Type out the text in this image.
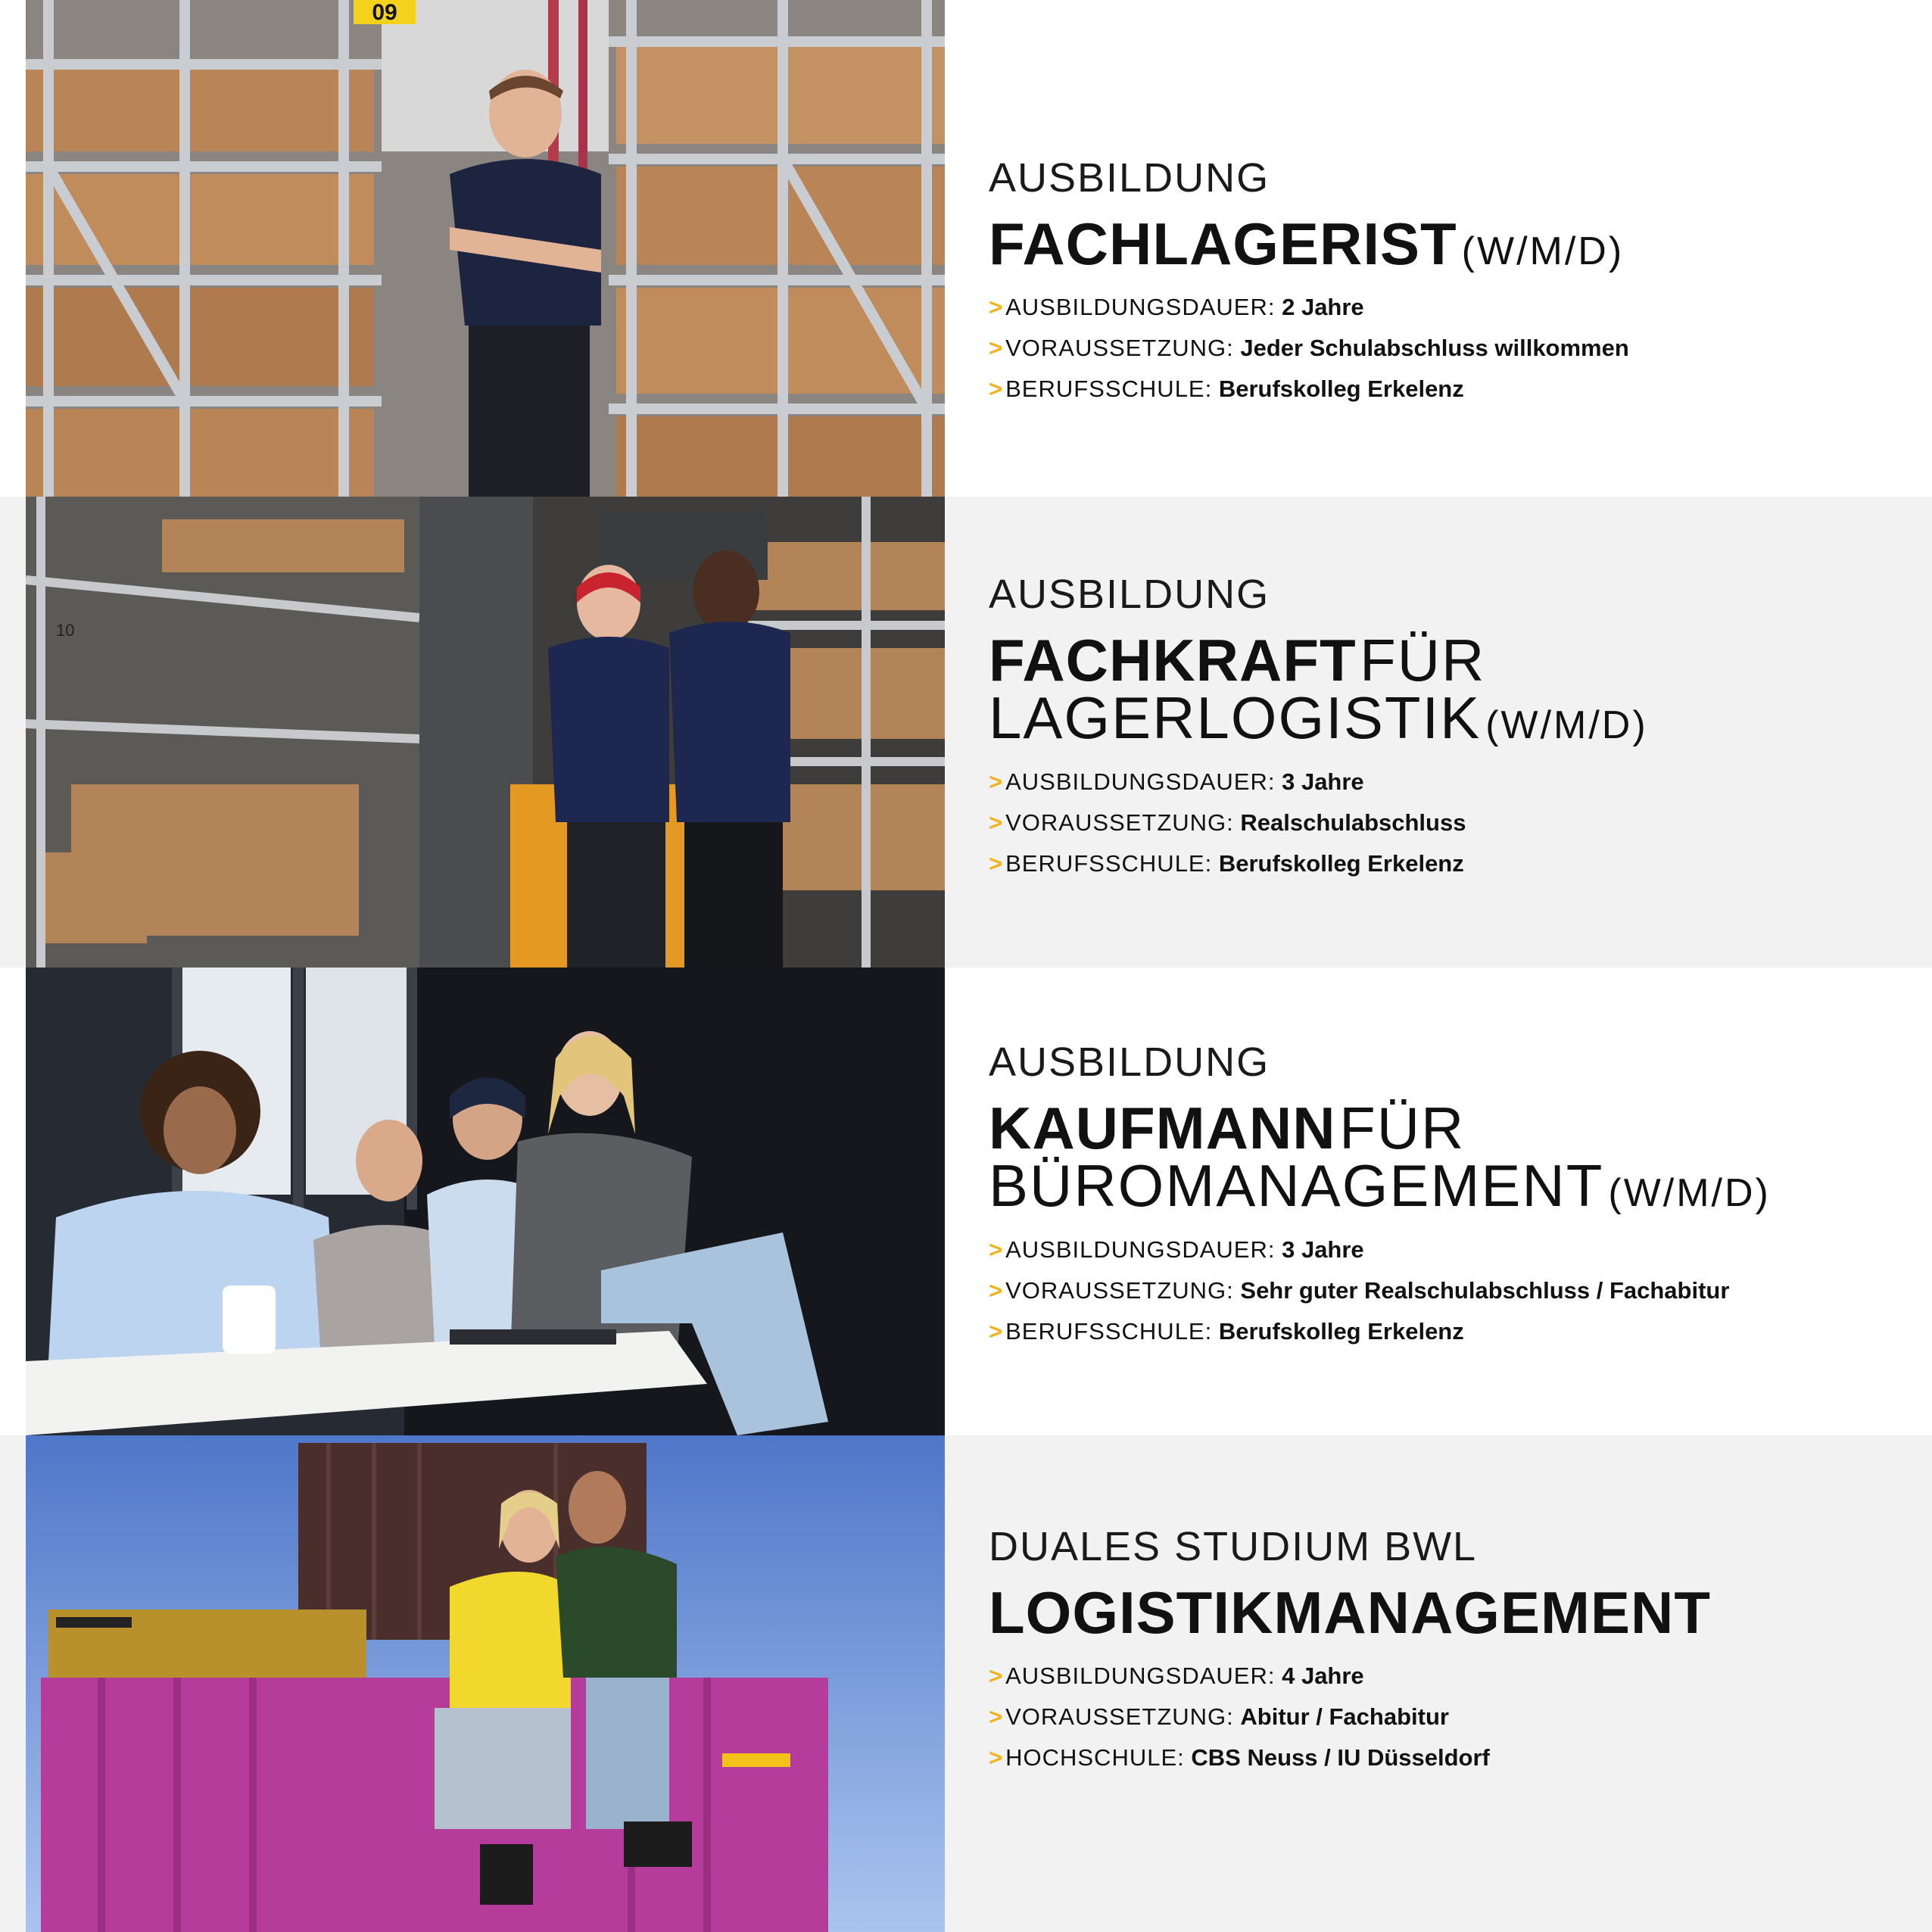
09
AUSBILDUNG
FACHLAGERIST (W/M/D)
> AUSBILDUNGSDAUER: 2 Jahre
> VORAUSSETZUNG: Jeder Schulabschluss willkommen
> BERUFSSCHULE: Berufskolleg Erkelenz
10
AUSBILDUNG
FACHKRAFT FÜR
LAGERLOGISTIK (W/M/D)
> AUSBILDUNGSDAUER: 3 Jahre
> VORAUSSETZUNG: Realschulabschluss
> BERUFSSCHULE: Berufskolleg Erkelenz
AUSBILDUNG
KAUFMANN FÜR
BÜROMANAGEMENT (W/M/D)
> AUSBILDUNGSDAUER: 3 Jahre
> VORAUSSETZUNG: Sehr guter Realschulabschluss / Fachabitur
> BERUFSSCHULE: Berufskolleg Erkelenz
DUALES STUDIUM BWL
LOGISTIKMANAGEMENT
> AUSBILDUNGSDAUER: 4 Jahre
> VORAUSSETZUNG: Abitur / Fachabitur
> HOCHSCHULE: CBS Neuss / IU Düsseldorf
